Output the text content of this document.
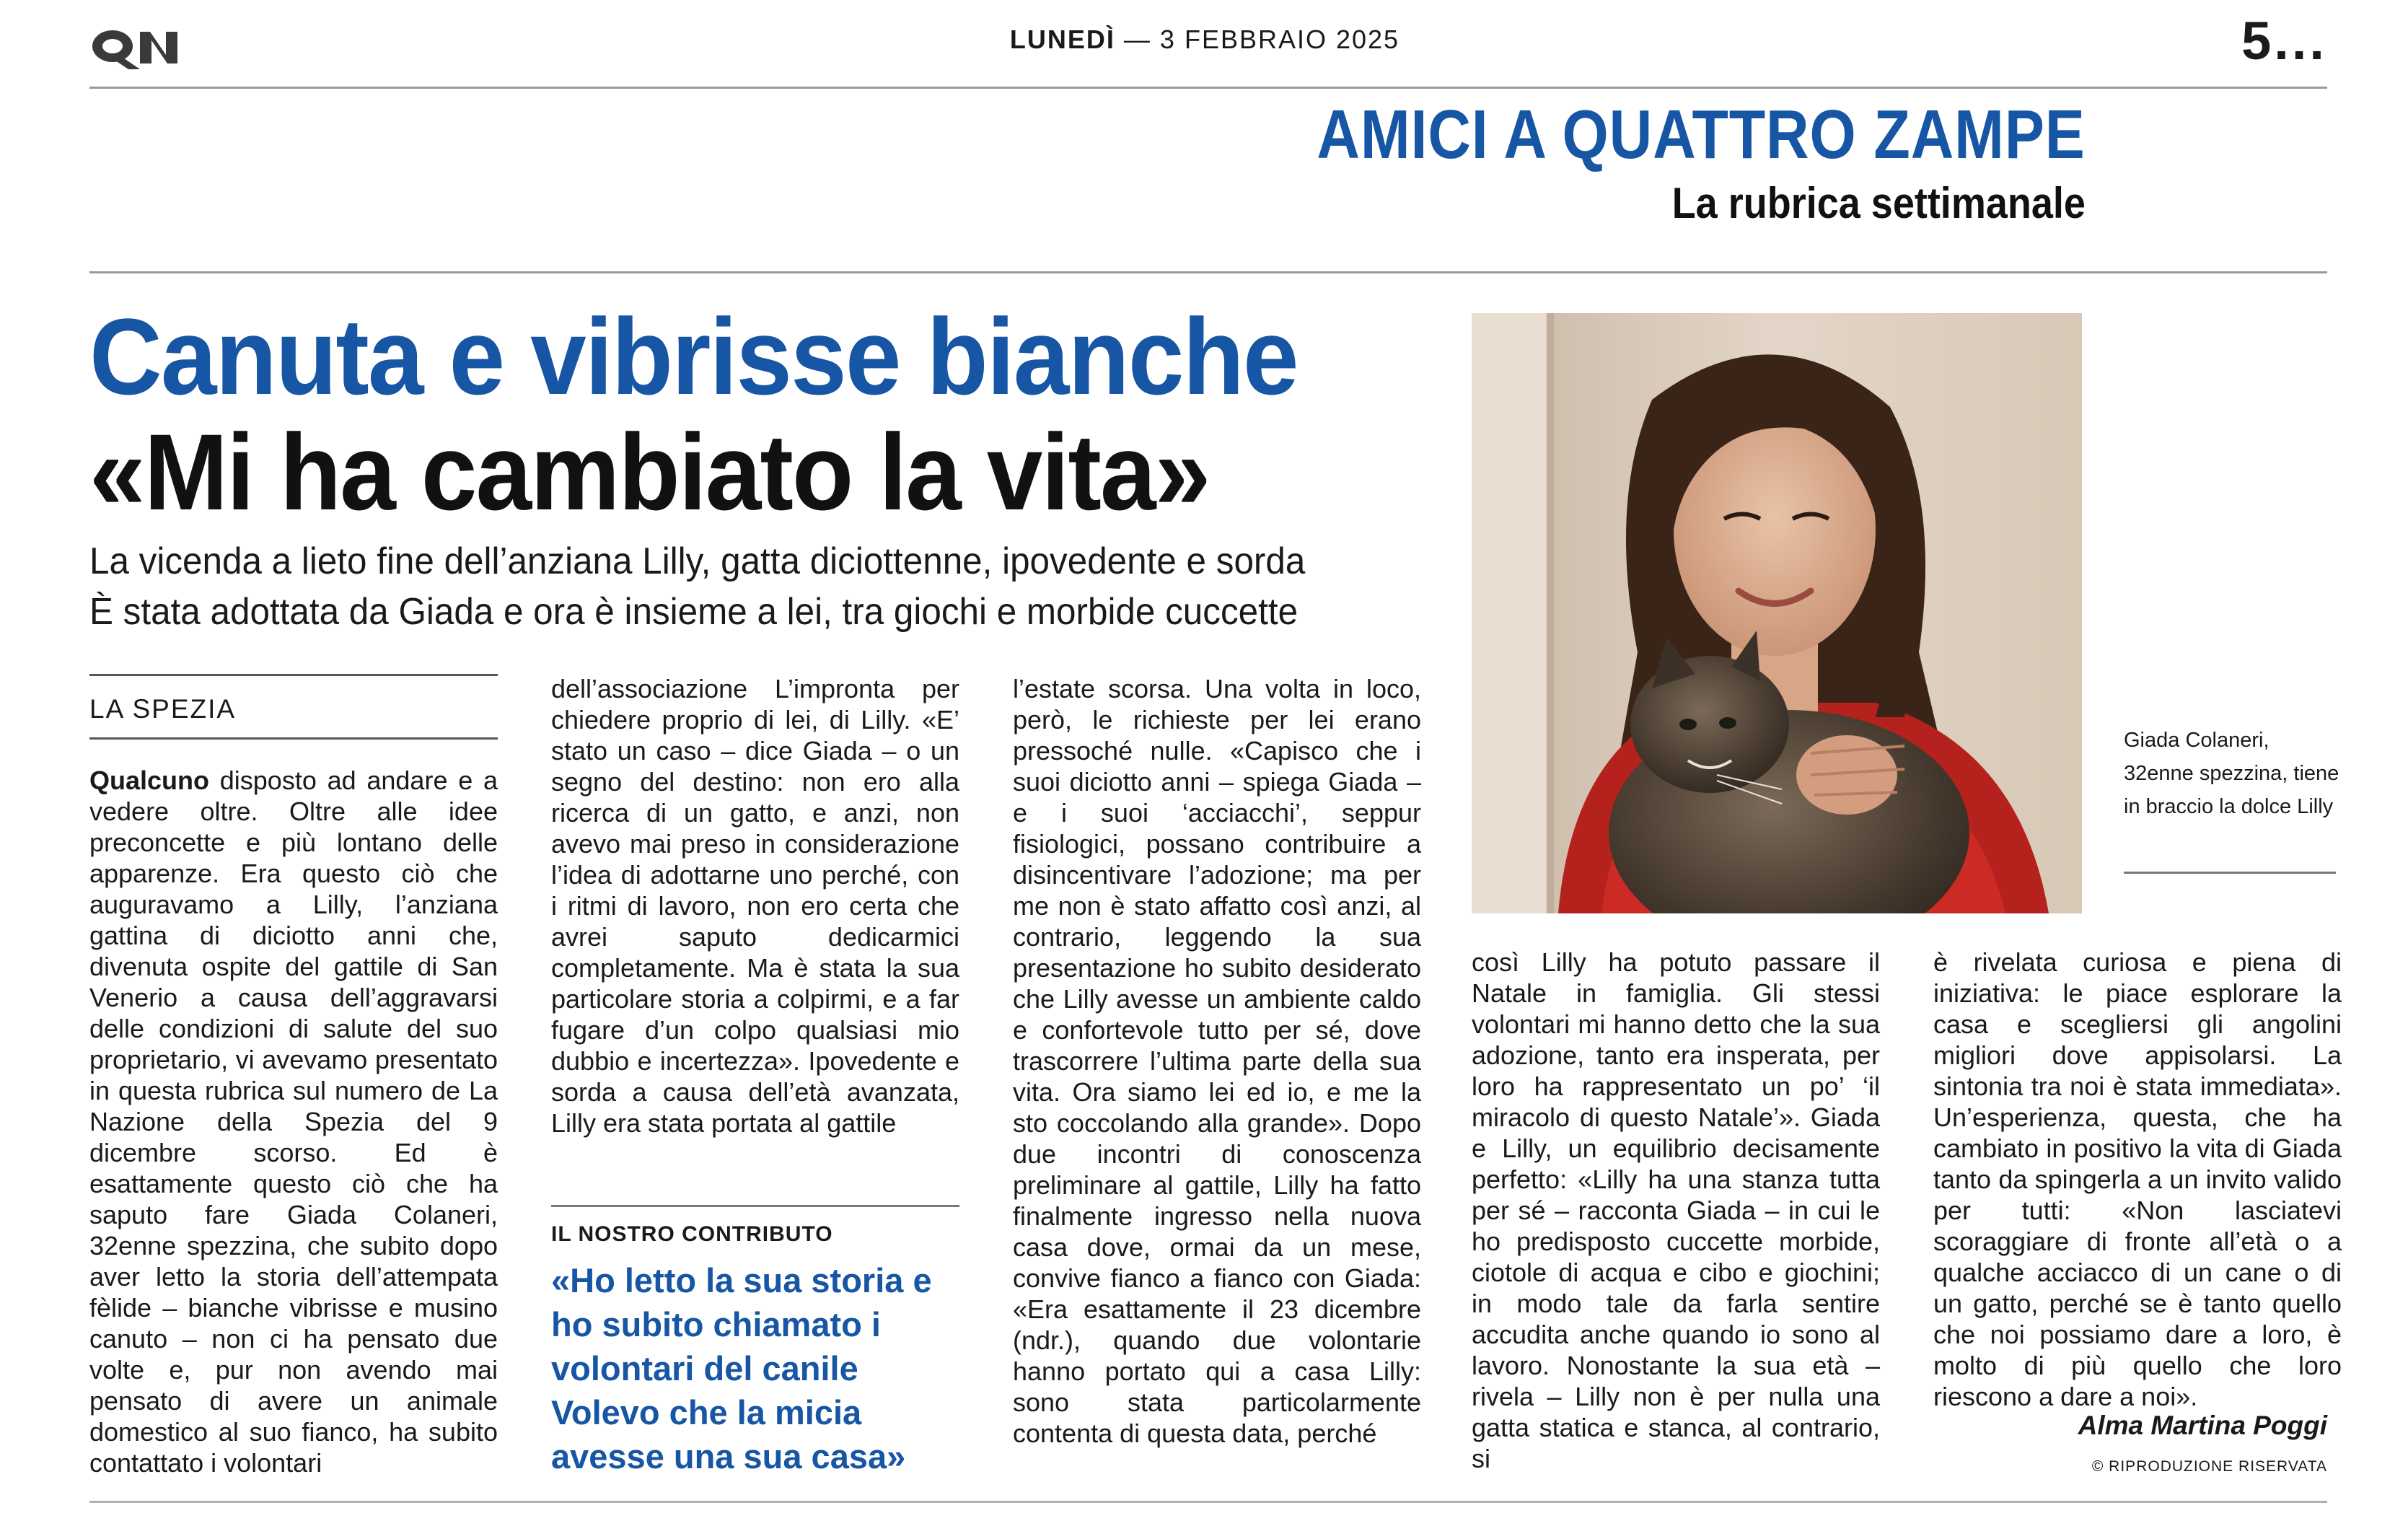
LUNEDÌ — 3 FEBBRAIO 2025	5...
AMICI A QUATTRO ZAMPE
La rubrica settimanale
Canuta e vibrisse bianche
«Mi ha cambiato la vita»
La vicenda a lieto fine dell’anziana Lilly, gatta diciottenne, ipovedente e sorda
È stata adottata da Giada e ora è insieme a lei, tra giochi e morbide cuccette
LA SPEZIA
Qualcuno disposto ad andare e a vedere oltre. Oltre alle idee preconcette e più lontano delle apparenze. Era questo ciò che auguravamo a Lilly, l’anziana gattina di diciotto anni che, divenuta ospite del gattile di San Venerio a causa dell’aggravarsi delle condizioni di salute del suo proprietario, vi avevamo presentato in questa rubrica sul numero de La Nazione della Spezia del 9 dicembre scorso. Ed è esattamente questo ciò che ha saputo fare Giada Colaneri, 32enne spezzina, che subito dopo aver letto la storia dell’attempata fèlide – bianche vibrisse e musino canuto – non ci ha pensato due volte e, pur non avendo mai pensato di avere un animale domestico al suo fianco, ha subito contattato i volontari
dell’associazione L’impronta per chiedere proprio di lei, di Lilly. «E’ stato un caso – dice Giada – o un segno del destino: non ero alla ricerca di un gatto, e anzi, non avevo mai preso in considerazione l’idea di adottarne uno perché, con i ritmi di lavoro, non ero certa che avrei saputo dedicarmici completamente. Ma è stata la sua particolare storia a colpirmi, e a far fugare d’un colpo qualsiasi mio dubbio e incertezza». Ipovedente e sorda a causa dell’età avanzata, Lilly era stata portata al gattile
IL NOSTRO CONTRIBUTO
«Ho letto la sua storia e ho subito chiamato i volontari del canile Volevo che la micia avesse una sua casa»
l’estate scorsa. Una volta in loco, però, le richieste per lei erano pressoché nulle. «Capisco che i suoi diciotto anni – spiega Giada – e i suoi ‘acciacchi’, seppur fisiologici, possano contribuire a disincentivare l’adozione; ma per me non è stato affatto così anzi, al contrario, leggendo la sua presentazione ho subito desiderato che Lilly avesse un ambiente caldo e confortevole tutto per sé, dove trascorrere l’ultima parte della sua vita. Ora siamo lei ed io, e me la sto coccolando alla grande». Dopo due incontri di conoscenza preliminare al gattile, Lilly ha fatto finalmente ingresso nella nuova casa dove, ormai da un mese, convive fianco a fianco con Giada: «Era esattamente il 23 dicembre (ndr.), quando due volontarie hanno portato qui a casa Lilly: sono stata particolarmente contenta di questa data, perché
Giada Colaneri, 32enne spezzina, tiene in braccio la dolce Lilly
così Lilly ha potuto passare il Natale in famiglia. Gli stessi volontari mi hanno detto che la sua adozione, tanto era insperata, per loro ha rappresentato un po’ ‘il miracolo di questo Natale’». Giada e Lilly, un equilibrio decisamente perfetto: «Lilly ha una stanza tutta per sé – racconta Giada – in cui le ho predisposto cuccette morbide, ciotole di acqua e cibo e giochini; in modo tale da farla sentire accudita anche quando io sono al lavoro. Nonostante la sua età – rivela – Lilly non è per nulla una gatta statica e stanca, al contrario, si
è rivelata curiosa e piena di iniziativa: le piace esplorare la casa e scegliersi gli angolini migliori dove appisolarsi. La sintonia tra noi è stata immediata». Un’esperienza, questa, che ha cambiato in positivo la vita di Giada tanto da spingerla a un invito valido per tutti: «Non lasciatevi scoraggiare di fronte all’età o a qualche acciacco di un cane o di un gatto, perché se è tanto quello che noi possiamo dare a loro, è molto di più quello che loro riescono a dare a noi».
Alma Martina Poggi
© RIPRODUZIONE RISERVATA
